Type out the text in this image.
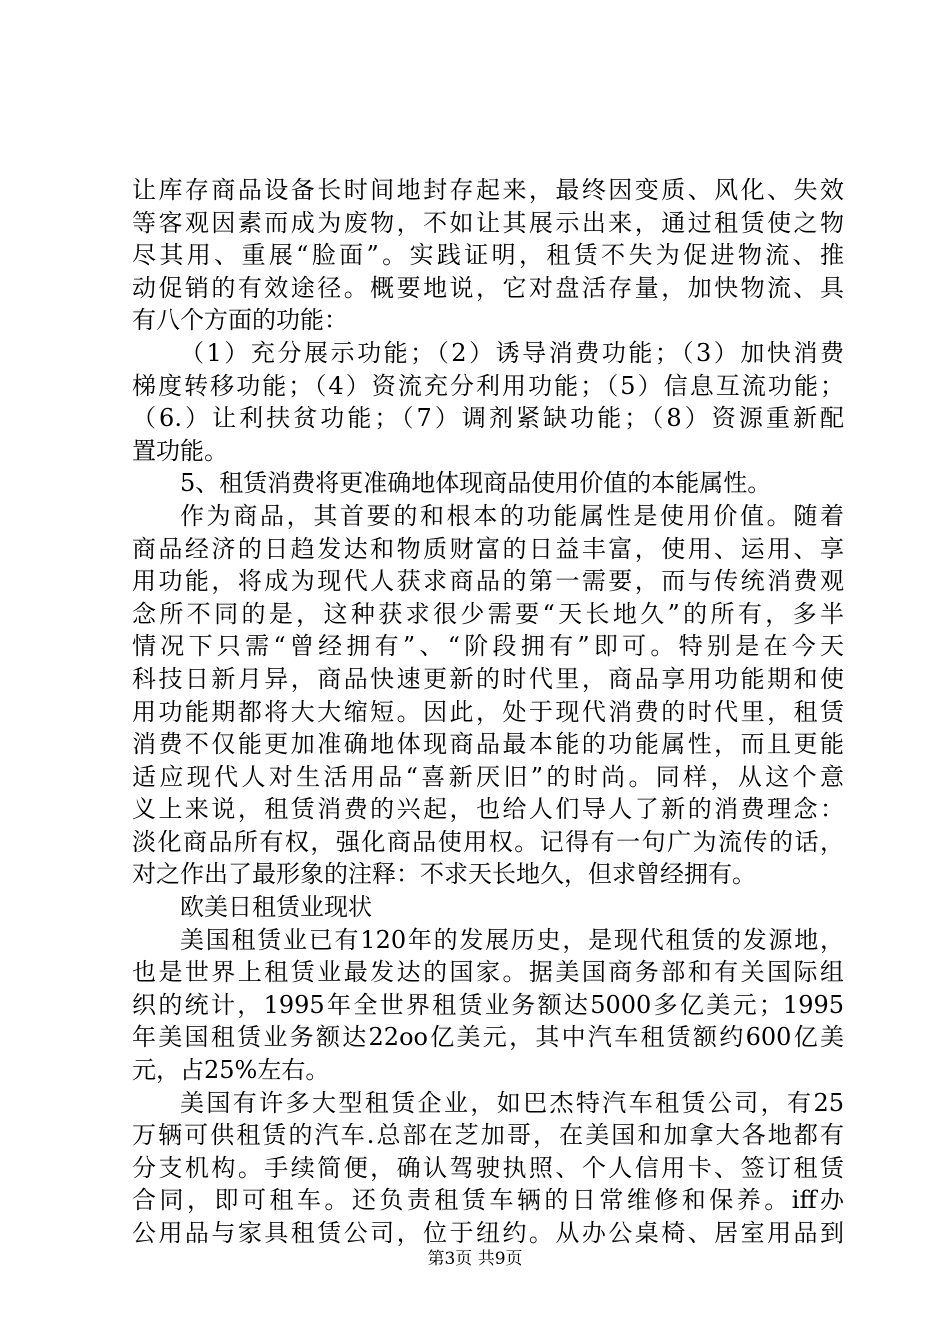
让库存商品设备长时间地封存起来，最终因变质、风化、失效
等客观因素而成为废物，不如让其展示出来，通过租赁使之物
尽其用、重展“脸面”。实践证明，租赁不失为促进物流、推
动促销的有效途径。概要地说，它对盘活存量，加快物流、具
有八个方面的功能：
（1）充分展示功能；（2）诱导消费功能；（3）加快消费
梯度转移功能；（4）资流充分利用功能；（5）信息互流功能；
（6.）让利扶贫功能；（7）调剂紧缺功能；（8）资源重新配
置功能。
5、租赁消费将更准确地体现商品使用价值的本能属性。
作为商品，其首要的和根本的功能属性是使用价值。随着
商品经济的日趋发达和物质财富的日益丰富，使用、运用、享
用功能，将成为现代人获求商品的第一需要，而与传统消费观
念所不同的是，这种获求很少需要“天长地久”的所有，多半
情况下只需“曾经拥有”、“阶段拥有”即可。特别是在今天
科技日新月异，商品快速更新的时代里，商品享用功能期和使
用功能期都将大大缩短。因此，处于现代消费的时代里，租赁
消费不仅能更加准确地体现商品最本能的功能属性，而且更能
适应现代人对生活用品“喜新厌旧”的时尚。同样，从这个意
义上来说，租赁消费的兴起，也给人们导人了新的消费理念：
淡化商品所有权，强化商品使用权。记得有一句广为流传的话，
对之作出了最形象的注释：不求天长地久，但求曾经拥有。
欧美日租赁业现状
美国租赁业已有120年的发展历史，是现代租赁的发源地，
也是世界上租赁业最发达的国家。据美国商务部和有关国际组
织的统计，1995年全世界租赁业务额达5000多亿美元；1995
年美国租赁业务额达22oo亿美元，其中汽车租赁额约600亿美
元，占25%左右。
美国有许多大型租赁企业，如巴杰特汽车租赁公司，有25
万辆可供租赁的汽车.总部在芝加哥，在美国和加拿大各地都有
分支机构。手续简便，确认驾驶执照、个人信用卡、签订租赁
合同，即可租车。还负责租赁车辆的日常维修和保养。iff办
公用品与家具租赁公司，位于纽约。从办公桌椅、居室用品到
第3页 共9页
